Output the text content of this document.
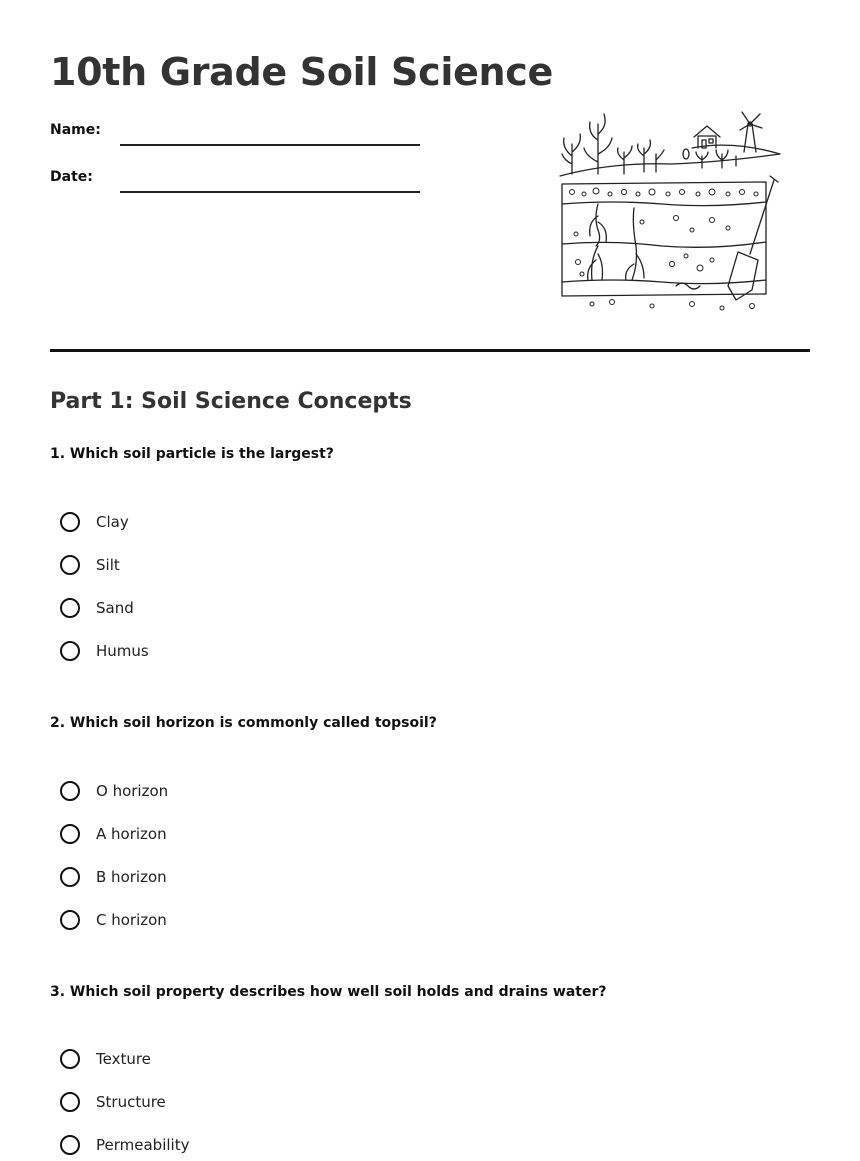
10th Grade Soil Science
Name:
Date:
Part 1: Soil Science Concepts

1. Which soil particle is the largest?

Clay
Silt
Sand
Humus

2. Which soil horizon is commonly called topsoil?

O horizon
A horizon
B horizon
C horizon

3. Which soil property describes how well soil holds and drains water?

Texture
Structure
Permeability
